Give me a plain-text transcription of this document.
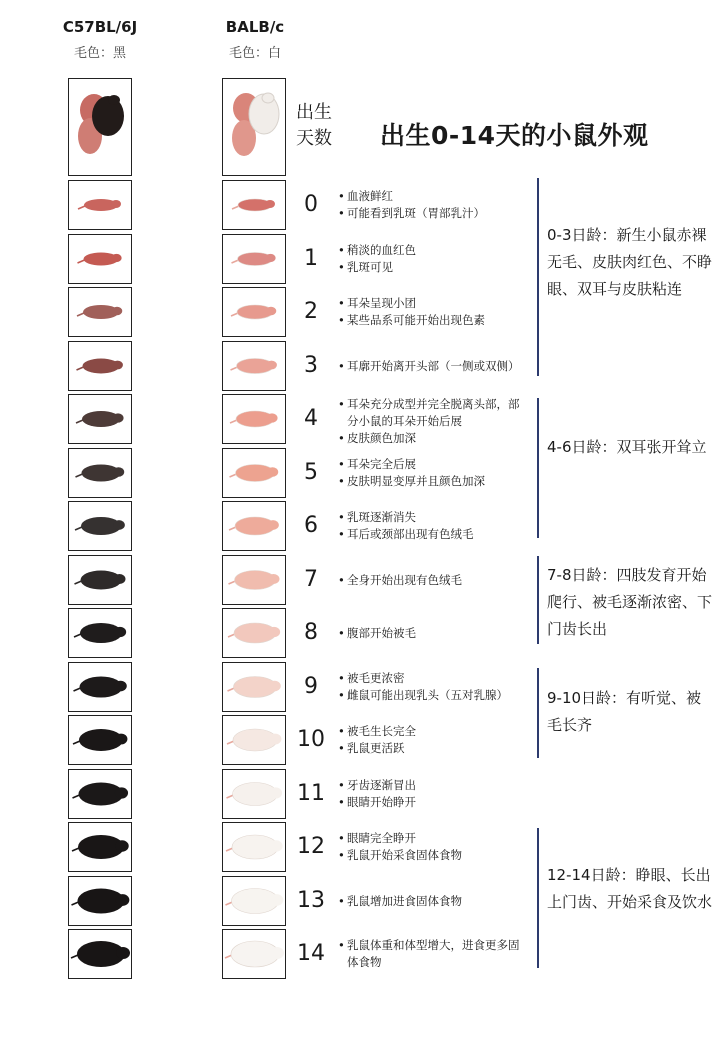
C57BL/6J
毛色：黑
BALB/c
毛色：白
出生
天数 出生0-14天的小鼠外观
0	• 血液鲜红
• 可能看到乳斑（胃部乳汁）
1	• 稍淡的血红色
• 乳斑可见
2	• 耳朵呈现小团
• 某些品系可能开始出现色素
3	• 耳廓开始离开头部（一侧或双侧）
4
• 耳朵充分成型并完全脱离头部，部分小鼠的耳朵开始后展
• 皮肤颜色加深
5	• 耳朵完全后展
• 皮肤明显变厚并且颜色加深
6	• 乳斑逐渐消失
• 耳后或颈部出现有色绒毛
7	• 全身开始出现有色绒毛
8	• 腹部开始被毛
9	• 被毛更浓密
• 雌鼠可能出现乳头（五对乳腺）
10	• 被毛生长完全
• 乳鼠更活跃
11	• 牙齿逐渐冒出
• 眼睛开始睁开
12	• 眼睛完全睁开
• 乳鼠开始采食固体食物
13	• 乳鼠增加进食固体食物
14	• 乳鼠体重和体型增大，进食更多固体食物
0-3日龄：新生小鼠赤裸无毛、皮肤肉红色、不睁眼、双耳与皮肤粘连
4-6日龄：双耳张开耸立
7-8日龄：四肢发育开始爬行、被毛逐渐浓密、下门齿长出
9-10日龄：有听觉、被毛长齐
12-14日龄：睁眼、长出上门齿、开始采食及饮水
